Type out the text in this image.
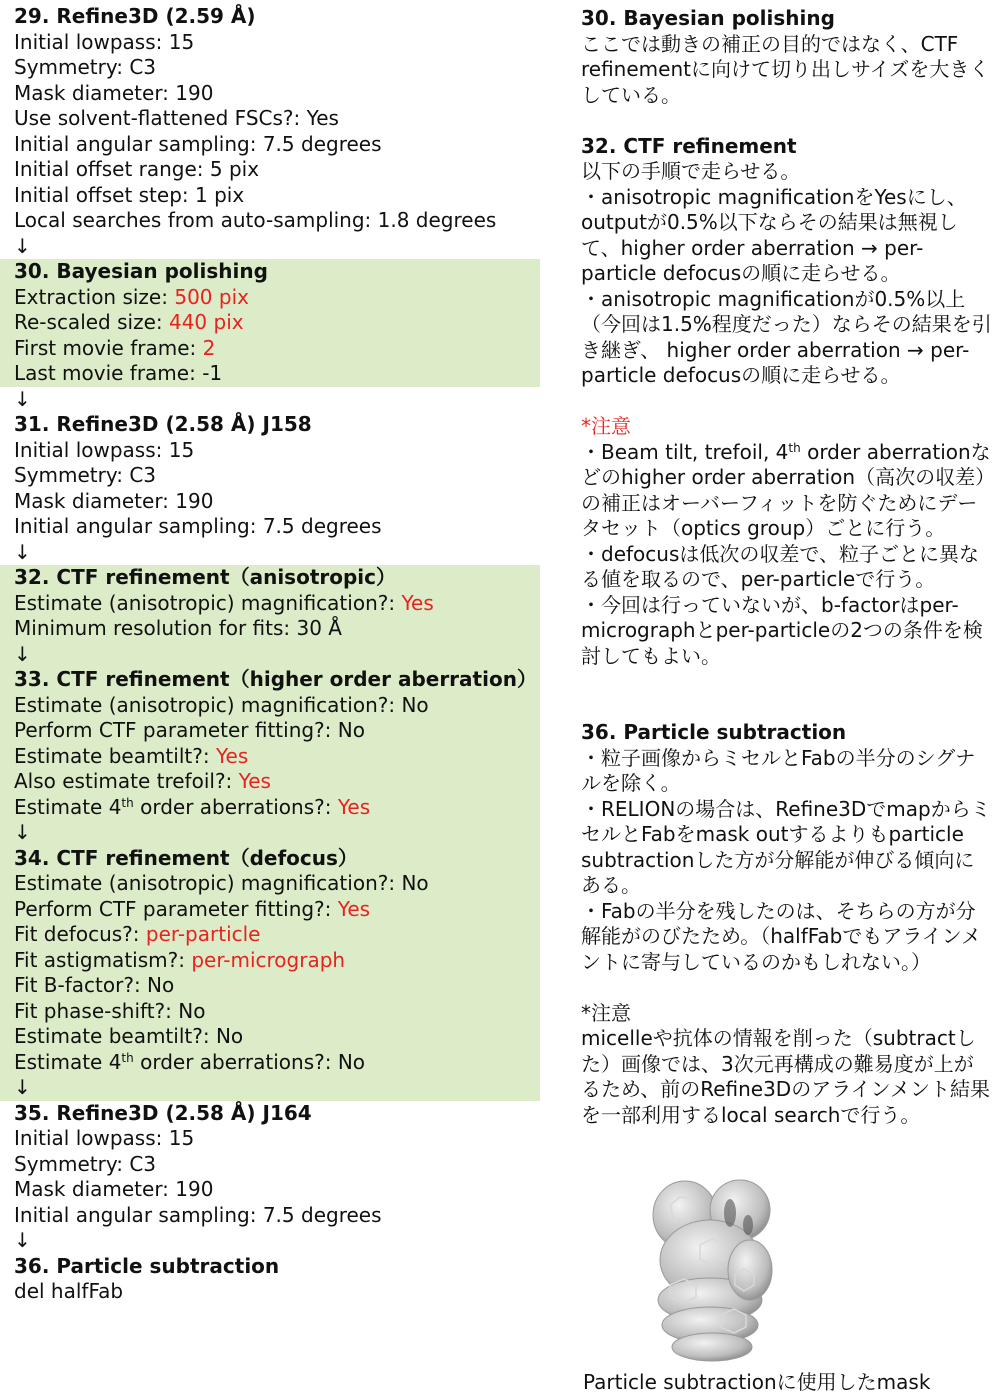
29. Refine3D (2.59 Å)
Initial lowpass: 15
Symmetry: C3
Mask diameter: 190
Use solvent-flattened FSCs?: Yes
Initial angular sampling: 7.5 degrees
Initial offset range: 5 pix
Initial offset step: 1 pix
Local searches from auto-sampling: 1.8 degrees
↓
30. Bayesian polishing
Extraction size: 500 pix
Re-scaled size: 440 pix
First movie frame: 2
Last movie frame: -1
↓
31. Refine3D (2.58 Å) J158
Initial lowpass: 15
Symmetry: C3
Mask diameter: 190
Initial angular sampling: 7.5 degrees
↓
32. CTF refinement（anisotropic）
Estimate (anisotropic) magnification?: Yes
Minimum resolution for fits: 30 Å
↓
33. CTF refinement（higher order aberration）
Estimate (anisotropic) magnification?: No
Perform CTF parameter fitting?: No
Estimate beamtilt?: Yes
Also estimate trefoil?: Yes
Estimate 4th order aberrations?: Yes
↓
34. CTF refinement（defocus）
Estimate (anisotropic) magnification?: No
Perform CTF parameter fitting?: Yes
Fit defocus?: per-particle
Fit astigmatism?: per-micrograph
Fit B-factor?: No
Fit phase-shift?: No
Estimate beamtilt?: No
Estimate 4th order aberrations?: No
↓
35. Refine3D (2.58 Å) J164
Initial lowpass: 15
Symmetry: C3
Mask diameter: 190
Initial angular sampling: 7.5 degrees
↓
36. Particle subtraction
del halfFab

30. Bayesian polishing

ここでは動きの補正の目的ではなく、CTF refinementに向けて切り出しサイズを大きくしている。

32. CTF refinement

以下の手順で走らせる。

・anisotropic magnificationをYesにし、outputが0.5%以下ならその結果は無視して、higher order aberration → per-particle defocusの順に走らせる。

・anisotropic magnificationが0.5%以上（今回は1.5%程度だった）ならその結果を引き継ぎ、 higher order aberration → per-particle defocusの順に走らせる。

*注意

・Beam tilt, trefoil, 4th order aberrationなどのhigher order aberration（高次の収差）の補正はオーバーフィットを防ぐためにデータセット（optics group）ごとに行う。

・defocusは低次の収差で、粒子ごとに異なる値を取るので、per-particleで行う。

・今回は行っていないが、b-factorはper-micrographとper-particleの2つの条件を検討してもよい。

36. Particle subtraction

・粒子画像からミセルとFabの半分のシグナルを除く。

・RELIONの場合は、Refine3DでmapからミセルとFabをmask outするよりもparticle subtractionした方が分解能が伸びる傾向にある。

・Fabの半分を残したのは、そちらの方が分解能がのびたため。（halfFabでもアラインメントに寄与しているのかもしれない。）

*注意

micelleや抗体の情報を削った（subtractした）画像では、3次元再構成の難易度が上がるため、前のRefine3Dのアラインメント結果を一部利用するlocal searchで行う。

Particle subtractionに使用したmask
